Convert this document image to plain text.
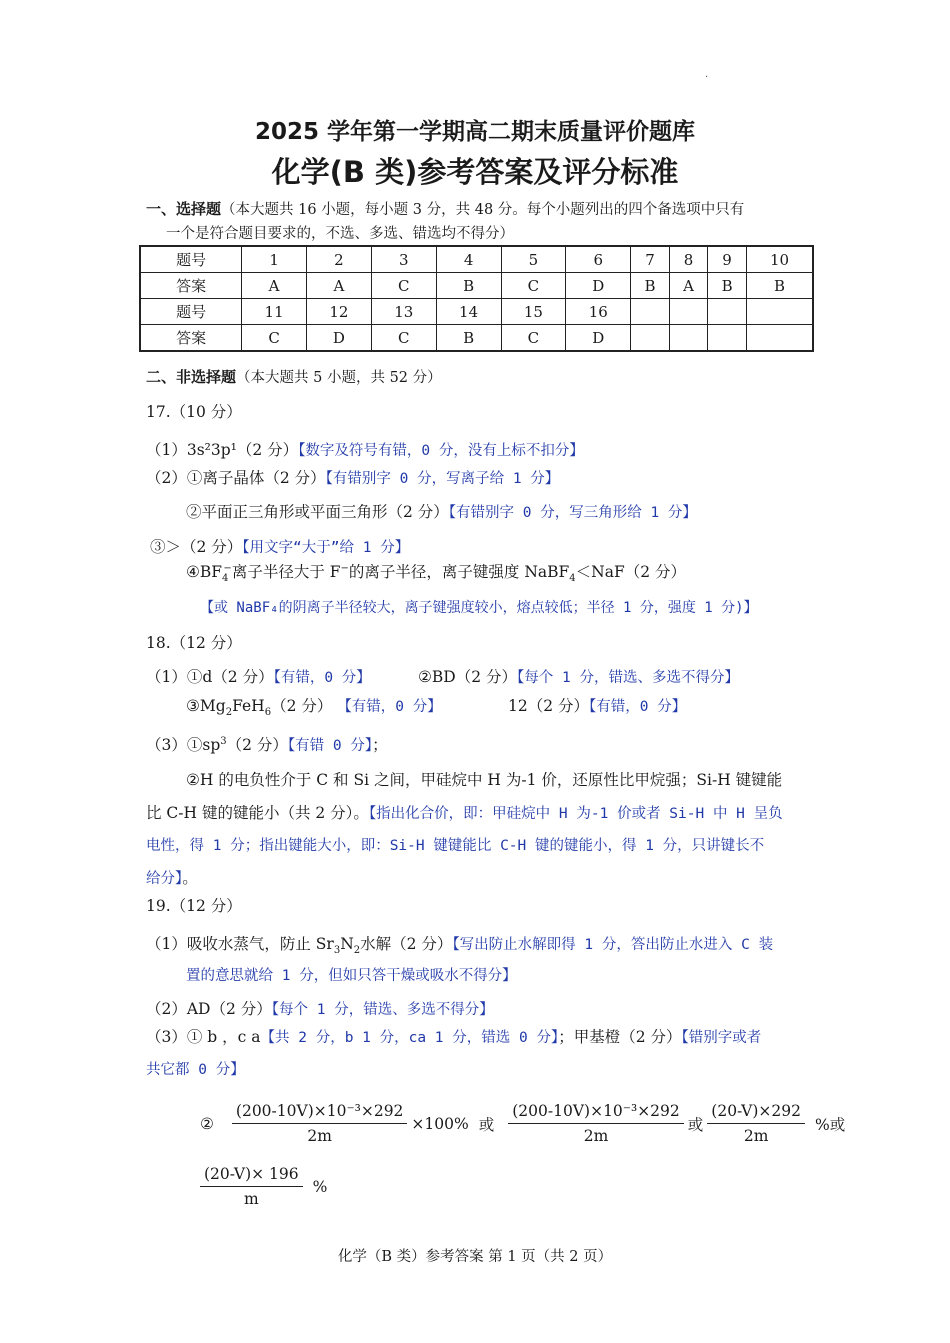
·
2025 学年第一学期高二期末质量评价题库
化学(B 类)参考答案及评分标准
一、选择题（本大题共 16 小题，每小题 3 分，共 48 分。每个小题列出的四个备选项中只有
一个是符合题目要求的，不选、多选、错选均不得分）
题号	1	2	3	4	5	6	7	8	9	10
答案	A	A	C	B	C	D	B	A	B	B
题号	11	12	13	14	15	16				
答案	C	D	C	B	C	D				
二、非选择题（本大题共 5 小题，共 52 分）
17.（10 分）
（1）3s²3p¹（2 分）【数字及符号有错，0 分，没有上标不扣分】
（2）①离子晶体（2 分）【有错别字 0 分，写离子给 1 分】
②平面正三角形或平面三角形（2 分）【有错别字 0 分，写三角形给 1 分】
③＞（2 分）【用文字“大于”给 1 分】
$④BF_4^-$离子半径大于 F−的离子半径，离子键强度 NaBF$_4$＜NaF（2 分）
【或 NaBF₄的阴离子半径较大，离子键强度较小，熔点较低；半径 1 分，强度 1 分)】
18.（12 分）
（1）①d（2 分）【有错，0 分】	②BD（2 分）【每个 1 分，错选、多选不得分】
$③Mg_2FeH_6(2$ 分） 【有错，0 分】	12（2 分）【有错，0 分】
$(3)①sp^3(2$ 分）【有错 0 分】；
②H 的电负性介于 C 和 Si 之间，甲硅烷中 H 为-1 价，还原性比甲烷强；Si-H 键键能
比 C-H 键的键能小（共 2 分）。【指出化合价，即：甲硅烷中 H 为-1 价或者 Si-H 中 H 呈负
电性，得 1 分；指出键能大小，即：Si-H 键键能比 C-H 键的键能小，得 1 分，只讲键长不
给分】。
19.（12 分）
（1）吸收水蒸气，防止 $Sr_3N_2$水解（2 分）【写出防止水解即得 1 分，答出防止水进入 C 装
置的意思就给 1 分，但如只答干燥或吸水不得分】
（2）AD（2 分）【每个 1 分，错选、多选不得分】
（3）① b ，c a【共 2 分，b 1 分，ca 1 分，错选 0 分】；甲基橙（2 分）【错别字或者
共它都 0 分】
② $\frac{\text{(200-10V)×10⁻³×292}}{2m} \times 100\%$ 或 $\frac{\text{(200-10V)×10⁻³×292}}{2m}$ 或 $\frac{(20-V)\times 292}{2m}$ %或
$\frac{(20-V)\times 196}{m}$ %
化学（B 类）参考答案 第 1 页（共 2 页）
